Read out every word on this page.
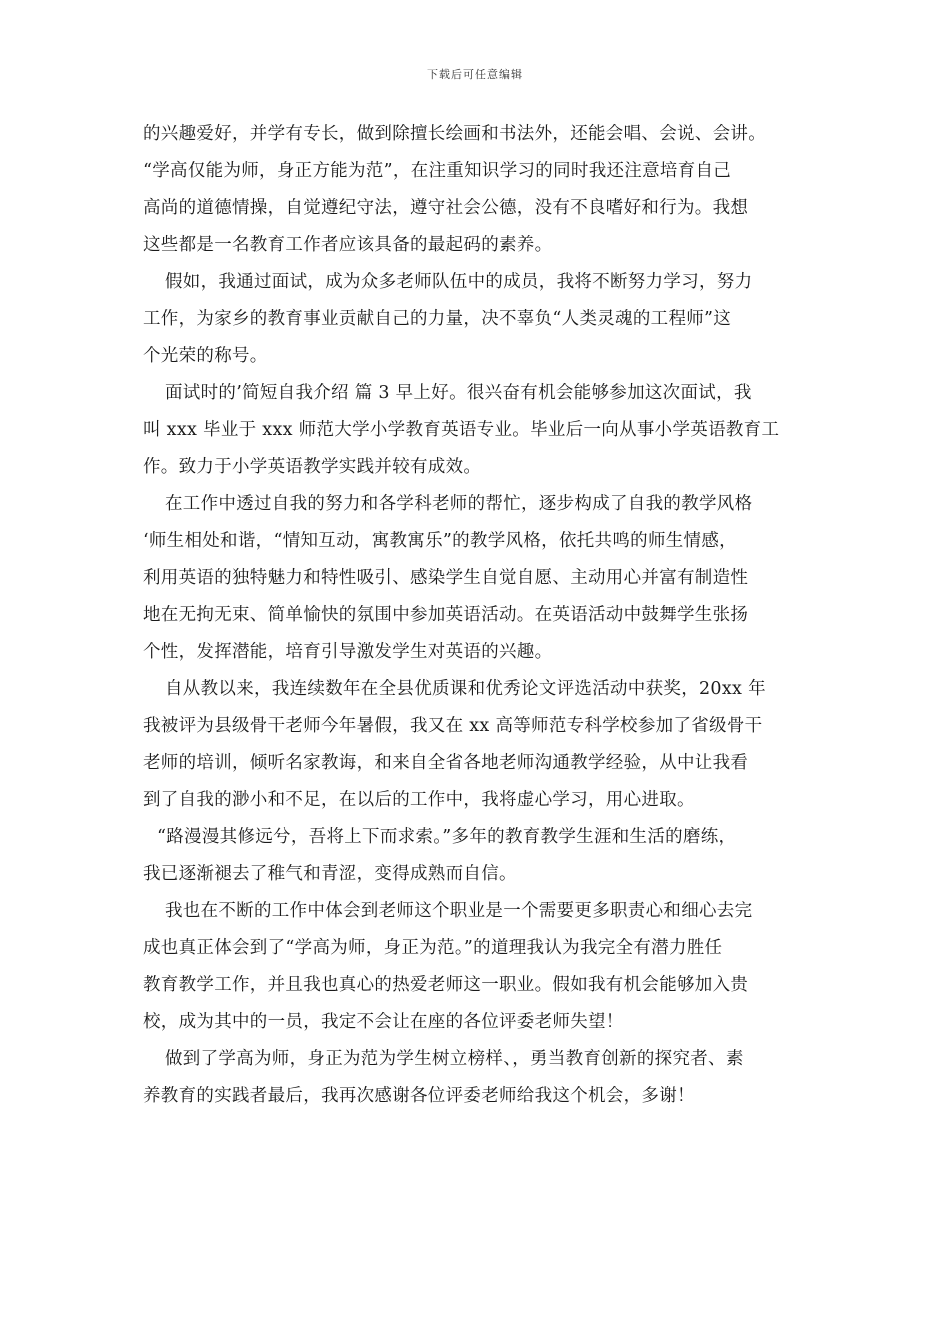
下载后可任意编辑
的兴趣爱好，并学有专长，做到除擅长绘画和书法外，还能会唱、会说、会讲。
“学高仅能为师，身正方能为范”，在注重知识学习的同时我还注意培育自己
高尚的道德情操，自觉遵纪守法，遵守社会公德，没有不良嗜好和行为。我想
这些都是一名教育工作者应该具备的最起码的素养。
假如，我通过面试，成为众多老师队伍中的成员，我将不断努力学习，努力
工作，为家乡的教育事业贡献自己的力量，决不辜负“人类灵魂的工程师”这
个光荣的称号。
面试时的’简短自我介绍 篇 3 早上好。很兴奋有机会能够参加这次面试，我
叫 xxx 毕业于 xxx 师范大学小学教育英语专业。毕业后一向从事小学英语教育工
作。致力于小学英语教学实践并较有成效。
在工作中透过自我的努力和各学科老师的帮忙，逐步构成了自我的教学风格
‘师生相处和谐，“情知互动，寓教寓乐”的教学风格，依托共鸣的师生情感，
利用英语的独特魅力和特性吸引、感染学生自觉自愿、主动用心并富有制造性
地在无拘无束、简单愉快的氛围中参加英语活动。在英语活动中鼓舞学生张扬
个性，发挥潜能，培育引导激发学生对英语的兴趣。
自从教以来，我连续数年在全县优质课和优秀论文评选活动中获奖，20xx 年
我被评为县级骨干老师今年暑假，我又在 xx 高等师范专科学校参加了省级骨干
老师的培训，倾听名家教诲，和来自全省各地老师沟通教学经验，从中让我看
到了自我的渺小和不足，在以后的工作中，我将虚心学习，用心进取。
“路漫漫其修远兮，吾将上下而求索。”多年的教育教学生涯和生活的磨练，
我已逐渐褪去了稚气和青涩，变得成熟而自信。
我也在不断的工作中体会到老师这个职业是一个需要更多职责心和细心去完
成也真正体会到了“学高为师，身正为范。”的道理我认为我完全有潜力胜任
教育教学工作，并且我也真心的热爱老师这一职业。假如我有机会能够加入贵
校，成为其中的一员，我定不会让在座的各位评委老师失望！
做到了学高为师，身正为范为学生树立榜样、，勇当教育创新的探究者、素
养教育的实践者最后，我再次感谢各位评委老师给我这个机会，多谢！
